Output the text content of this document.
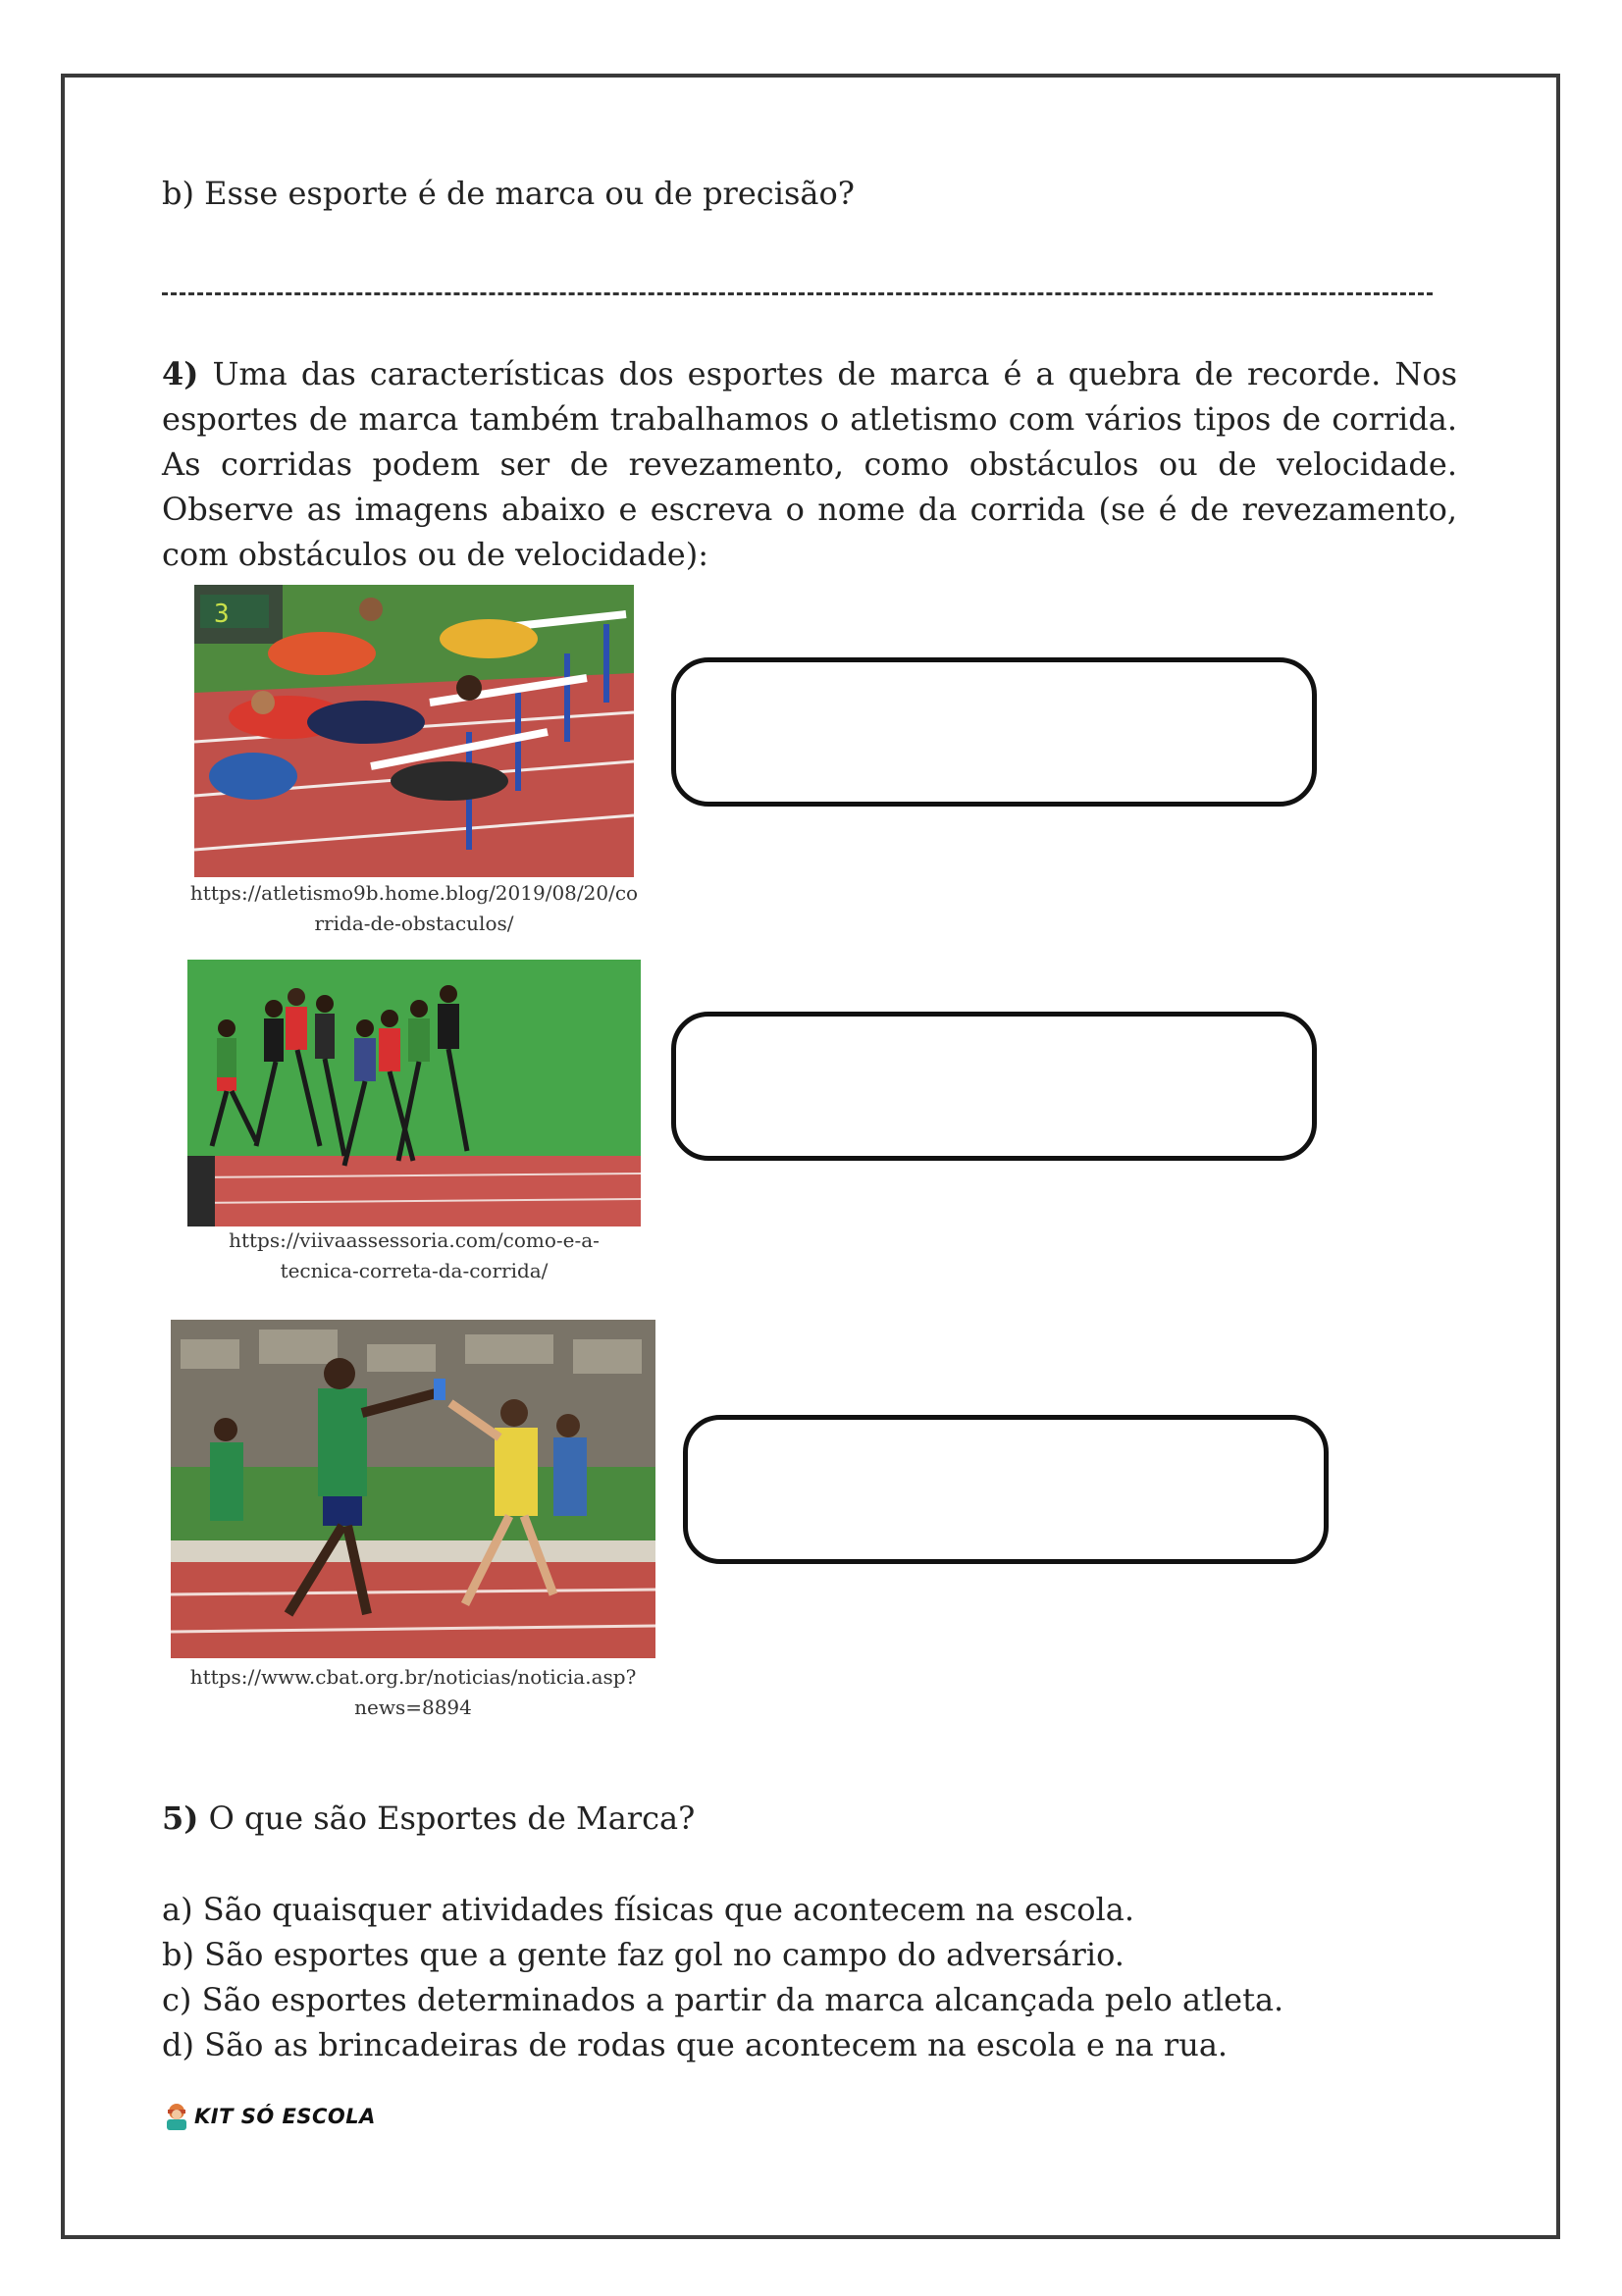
b) Esse esporte é de marca ou de precisão?
4) Uma das características dos esportes de marca é a quebra de recorde. Nos esportes de marca também trabalhamos o atletismo com vários tipos de corrida. As corridas podem ser de revezamento, como obstáculos ou de velocidade. Observe as imagens abaixo e escreva o nome da corrida (se é de revezamento, com obstáculos ou de velocidade):
3
https://atletismo9b.home.blog/2019/08/20/co
rrida-de-obstaculos/
https://viivaassessoria.com/como-e-a-
tecnica-correta-da-corrida/
https://www.cbat.org.br/noticias/noticia.asp?
news=8894
5) O que são Esportes de Marca?
a) São quaisquer atividades físicas que acontecem na escola.
b) São esportes que a gente faz gol no campo do adversário.
c) São esportes determinados a partir da marca alcançada pelo atleta.
d) São as brincadeiras de rodas que acontecem na escola e na rua.
KIT SÓ ESCOLA
